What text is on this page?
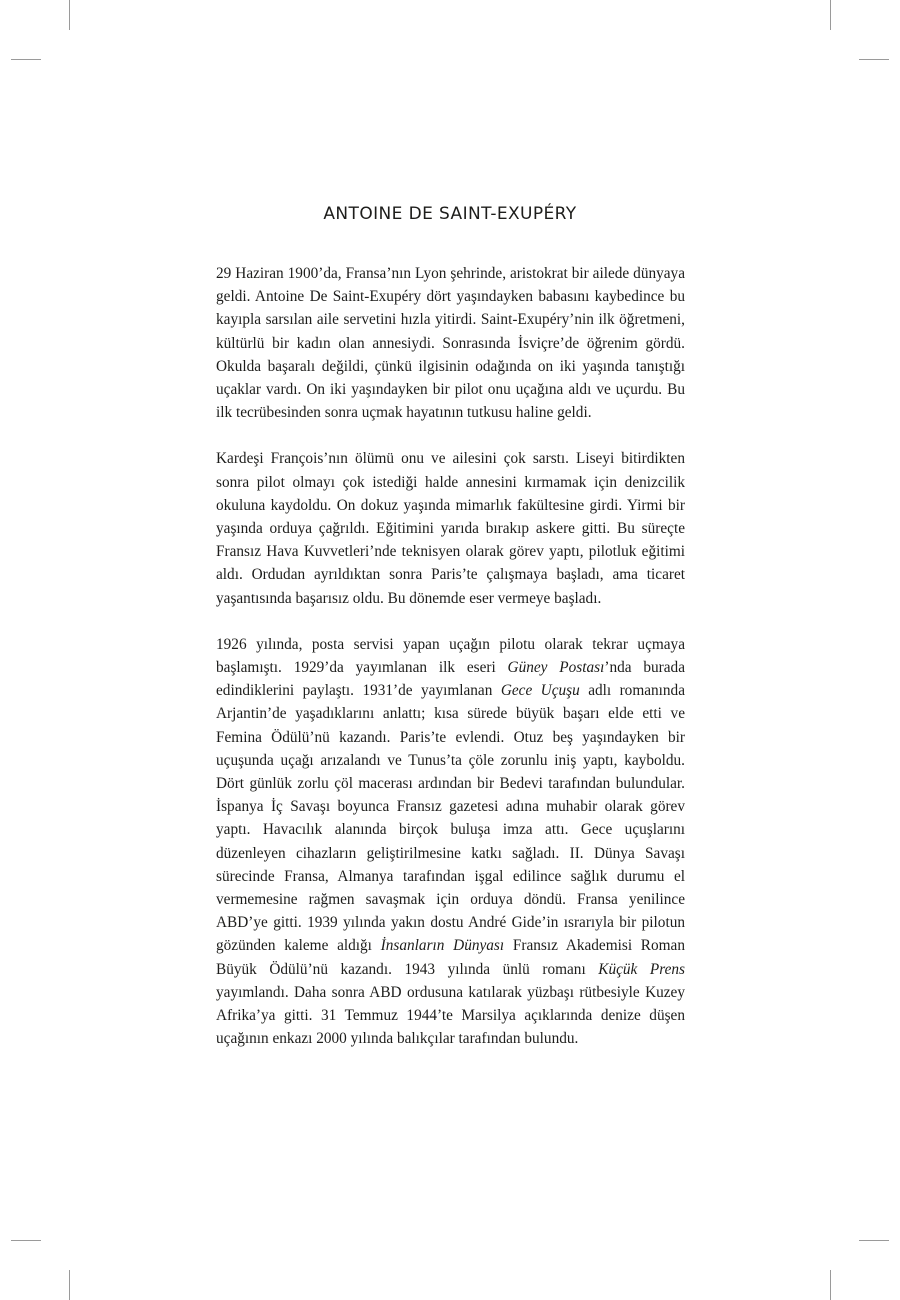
ANTOINE DE SAINT-EXUPÉRY

29 Haziran 1900’da, Fransa’nın Lyon şehrinde, aristokrat bir ailede dünyaya geldi. Antoine De Saint-Exupéry dört yaşındayken babasını kaybedince bu kayıpla sarsılan aile servetini hızla yitirdi. Saint-Exupéry’nin ilk öğretmeni, kültürlü bir kadın olan annesiydi. Sonrasında İsviçre’de öğrenim gördü. Okulda başaralı değildi, çünkü ilgisinin odağında on iki yaşında tanıştığı uçaklar vardı. On iki yaşındayken bir pilot onu uçağına aldı ve uçurdu. Bu ilk tecrübesinden sonra uçmak hayatının tutkusu haline geldi.

Kardeşi François’nın ölümü onu ve ailesini çok sarstı. Liseyi bitirdikten sonra pilot olmayı çok istediği halde annesini kırmamak için denizcilik okuluna kaydoldu. On dokuz yaşında mimarlık fakültesine girdi. Yirmi bir yaşında orduya çağrıldı. Eğitimini yarıda bırakıp askere gitti. Bu süreçte Fransız Hava Kuvvetleri’nde teknisyen olarak görev yaptı, pilotluk eğitimi aldı. Ordudan ayrıldıktan sonra Paris’te çalışmaya başladı, ama ticaret yaşantısında başarısız oldu. Bu dönemde eser vermeye başladı.

1926 yılında, posta servisi yapan uçağın pilotu olarak tekrar uçmaya başlamıştı. 1929’da yayımlanan ilk eseri Güney Postası’nda burada edindiklerini paylaştı. 1931’de yayımlanan Gece Uçuşu adlı romanında Arjantin’de yaşadıklarını anlattı; kısa sürede büyük başarı elde etti ve Femina Ödülü’nü kazandı. Paris’te evlendi. Otuz beş yaşındayken bir uçuşunda uçağı arızalandı ve Tunus’ta çöle zorunlu iniş yaptı, kayboldu. Dört günlük zorlu çöl macerası ardından bir Bedevi tarafından bulundular. İspanya İç Savaşı boyunca Fransız gazetesi adına muhabir olarak görev yaptı. Havacılık alanında birçok buluşa imza attı. Gece uçuşlarını düzenleyen cihazların geliştirilmesine katkı sağladı. II. Dünya Savaşı sürecinde Fransa, Almanya tarafından işgal edilince sağlık durumu el vermemesine rağmen savaşmak için orduya döndü. Fransa yenilince ABD’ye gitti. 1939 yılında yakın dostu André Gide’in ısrarıyla bir pilotun gözünden kaleme aldığı İnsanların Dünyası Fransız Akademisi Roman Büyük Ödülü’nü kazandı. 1943 yılında ünlü romanı Küçük Prens yayımlandı. Daha sonra ABD ordusuna katılarak yüzbaşı rütbesiyle Kuzey Afrika’ya gitti. 31 Temmuz 1944’te Marsilya açıklarında denize düşen uçağının enkazı 2000 yılında balıkçılar tarafından bulundu.
